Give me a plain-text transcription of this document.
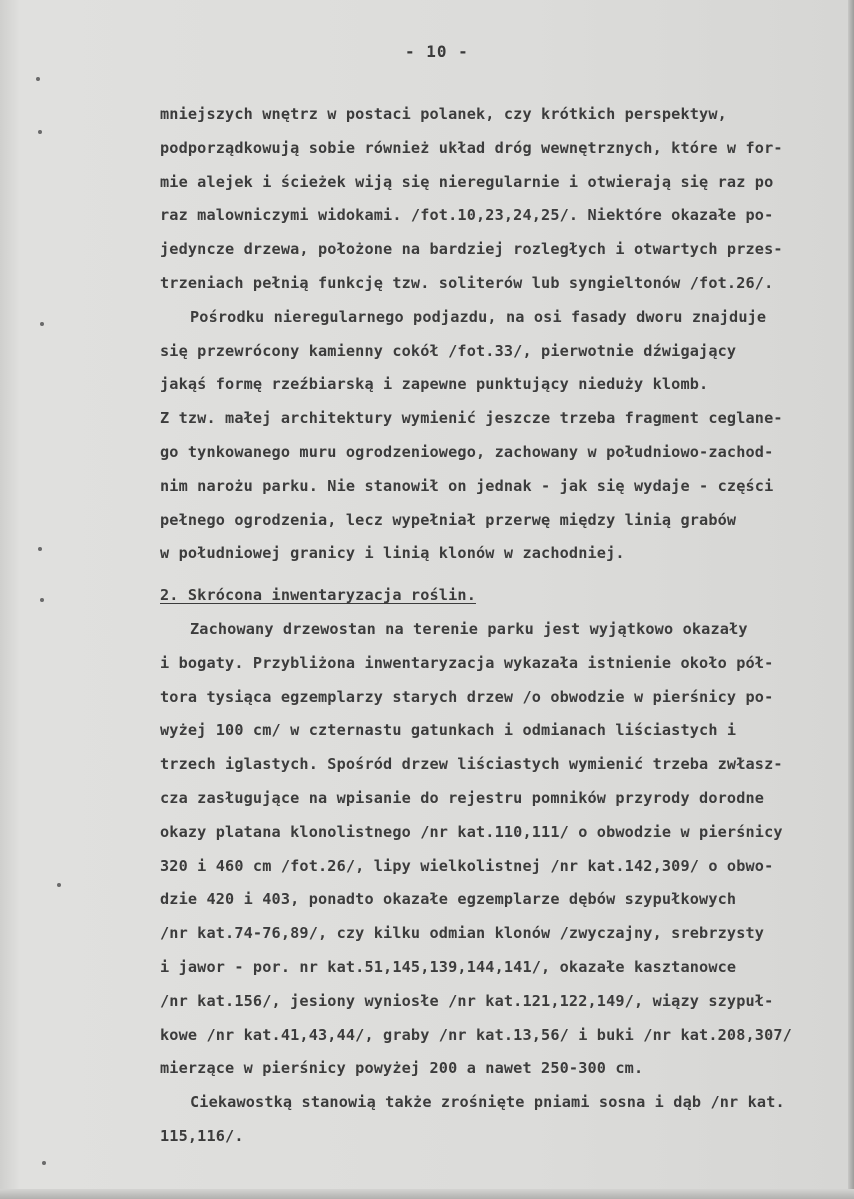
- 10 -
mniejszych wnętrz w postaci polanek, czy krótkich perspektyw,
podporządkowują sobie również układ dróg wewnętrznych, które w for-
mie alejek i ścieżek wiją się nieregularnie i otwierają się raz po
raz malowniczymi widokami. /fot.10,23,24,25/. Niektóre okazałe po-
jedyncze drzewa, położone na bardziej rozległych i otwartych przes-
trzeniach pełnią funkcję tzw. soliterów lub syngieltonów /fot.26/.
Pośrodku nieregularnego podjazdu, na osi fasady dworu znajduje
się przewrócony kamienny cokół /fot.33/, pierwotnie dźwigający
jakąś formę rzeźbiarską i zapewne punktujący nieduży klomb.
Z tzw. małej architektury wymienić jeszcze trzeba fragment ceglane-
go tynkowanego muru ogrodzeniowego, zachowany w południowo-zachod-
nim narożu parku. Nie stanowił on jednak - jak się wydaje - części
pełnego ogrodzenia, lecz wypełniał przerwę między linią grabów
w południowej granicy i linią klonów w zachodniej.
2. Skrócona inwentaryzacja roślin.
Zachowany drzewostan na terenie parku jest wyjątkowo okazały
i bogaty. Przybliżona inwentaryzacja wykazała istnienie około pół-
tora tysiąca egzemplarzy starych drzew /o obwodzie w pierśnicy po-
wyżej 100 cm/ w czternastu gatunkach i odmianach liściastych i
trzech iglastych. Spośród drzew liściastych wymienić trzeba zwłasz-
cza zasługujące na wpisanie do rejestru pomników przyrody dorodne
okazy platana klonolistnego /nr kat.110,111/ o obwodzie w pierśnicy
320 i 460 cm /fot.26/, lipy wielkolistnej /nr kat.142,309/ o obwo-
dzie 420 i 403, ponadto okazałe egzemplarze dębów szypułkowych
/nr kat.74-76,89/, czy kilku odmian klonów /zwyczajny, srebrzysty
i jawor - por. nr kat.51,145,139,144,141/, okazałe kasztanowce
/nr kat.156/, jesiony wyniosłe /nr kat.121,122,149/, wiązy szypuł-
kowe /nr kat.41,43,44/, graby /nr kat.13,56/ i buki /nr kat.208,307/
mierzące w pierśnicy powyżej 200 a nawet 250-300 cm.
Ciekawostką stanowią także zrośnięte pniami sosna i dąb /nr kat.
115,116/.
